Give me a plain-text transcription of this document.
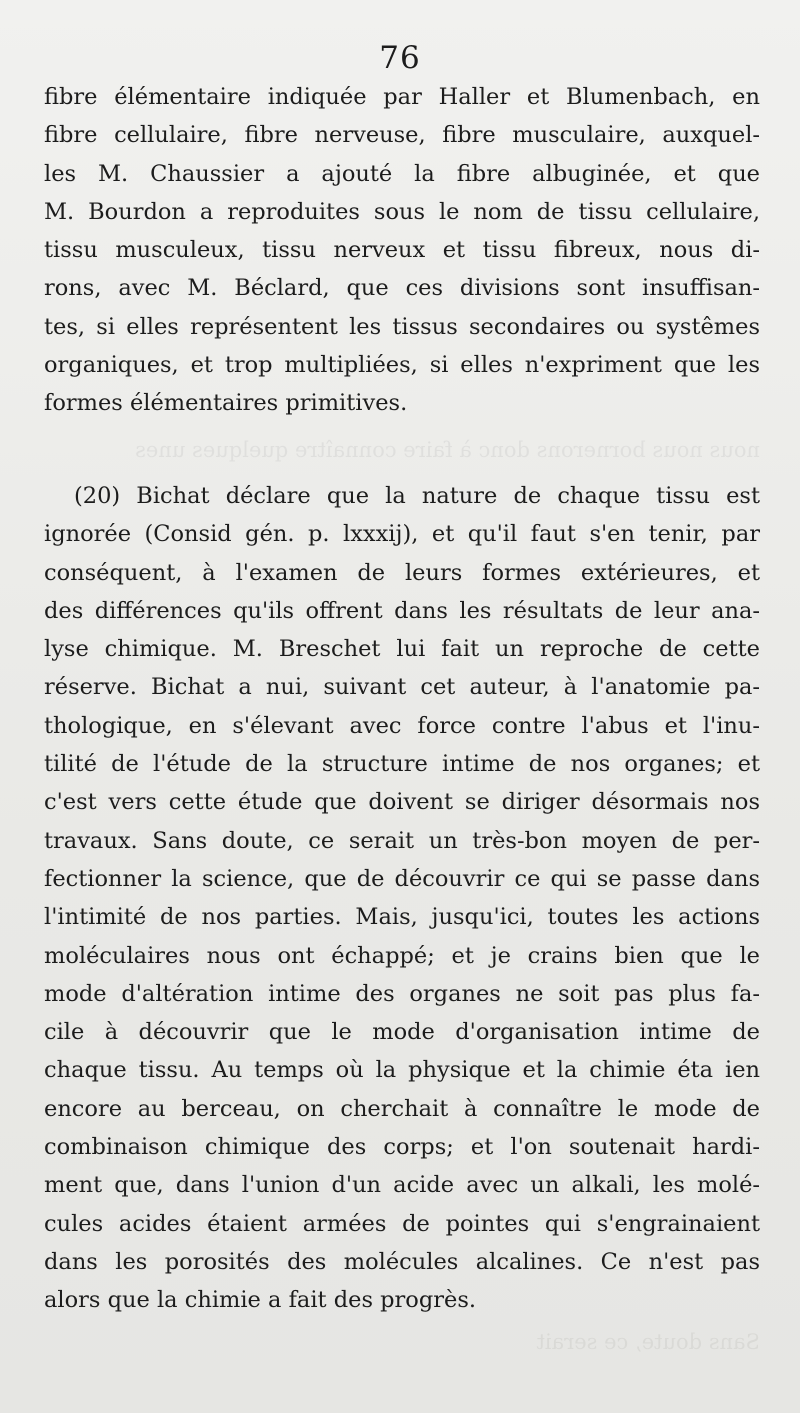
nous nous bornerons donc à faire connaître quelques unes
76
fibre élémentaire indiquée par Haller et Blumenbach, en
fibre cellulaire, fibre nerveuse, fibre musculaire, auxquel-
les M. Chaussier a ajouté la fibre albuginée, et que
M. Bourdon a reproduites sous le nom de tissu cellulaire,
tissu musculeux, tissu nerveux et tissu fibreux, nous di-
rons, avec M. Béclard, que ces divisions sont insuffisan-
tes, si elles représentent les tissus secondaires ou systêmes
organiques, et trop multipliées, si elles n'expriment que les
formes élémentaires primitives.
(20) Bichat déclare que la nature de chaque tissu est
ignorée (Consid gén. p. lxxxij), et qu'il faut s'en tenir, par
conséquent, à l'examen de leurs formes extérieures, et
des différences qu'ils offrent dans les résultats de leur ana-
lyse chimique. M. Breschet lui fait un reproche de cette
réserve. Bichat a nui, suivant cet auteur, à l'anatomie pa-
thologique, en s'élevant avec force contre l'abus et l'inu-
tilité de l'étude de la structure intime de nos organes; et
c'est vers cette étude que doivent se diriger désormais nos
travaux. Sans doute, ce serait un très-bon moyen de per-
fectionner la science, que de découvrir ce qui se passe dans
l'intimité de nos parties. Mais, jusqu'ici, toutes les actions
moléculaires nous ont échappé; et je crains bien que le
mode d'altération intime des organes ne soit pas plus fa-
cile à découvrir que le mode d'organisation intime de
chaque tissu. Au temps où la physique et la chimie éta ien
encore au berceau, on cherchait à connaître le mode de
combinaison chimique des corps; et l'on soutenait hardi-
ment que, dans l'union d'un acide avec un alkali, les molé-
cules acides étaient armées de pointes qui s'engrainaient
dans les porosités des molécules alcalines. Ce n'est pas
alors que la chimie a fait des progrès.
Sans doute, ce serait
